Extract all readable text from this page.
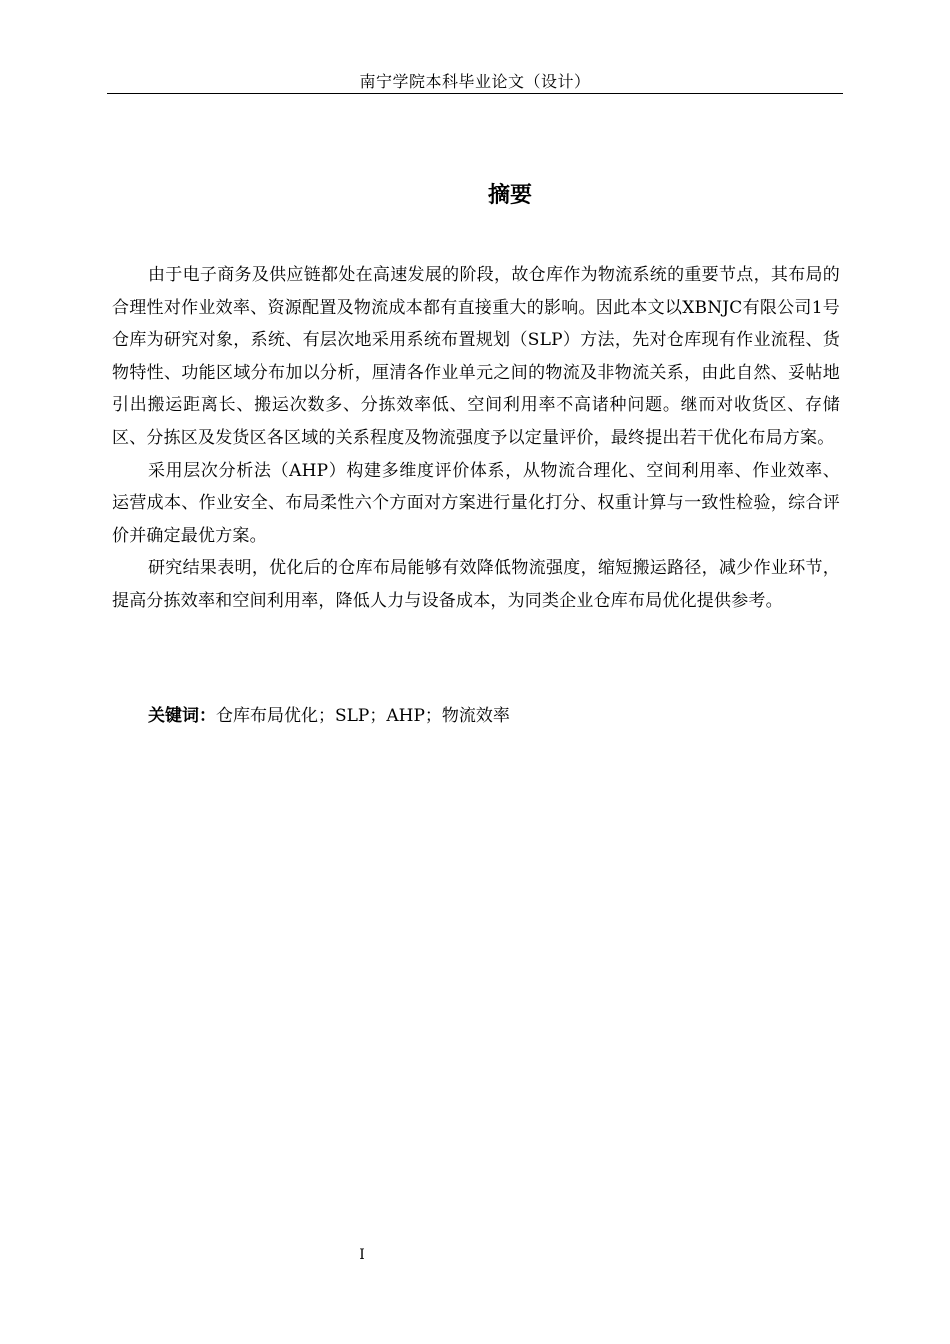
南宁学院本科毕业论文（设计）
摘要

由于电子商务及供应链都处在高速发展的阶段，故仓库作为物流系统的重要节点，其布局的合理性对作业效率、资源配置及物流成本都有直接重大的影响。因此本文以XBNJC有限公司1号仓库为研究对象，系统、有层次地采用系统布置规划（SLP）方法，先对仓库现有作业流程、货物特性、功能区域分布加以分析，厘清各作业单元之间的物流及非物流关系，由此自然、妥帖地引出搬运距离长、搬运次数多、分拣效率低、空间利用率不高诸种问题。继而对收货区、存储区、分拣区及发货区各区域的关系程度及物流强度予以定量评价，最终提出若干优化布局方案。

采用层次分析法（AHP）构建多维度评价体系，从物流合理化、空间利用率、作业效率、运营成本、作业安全、布局柔性六个方面对方案进行量化打分、权重计算与一致性检验，综合评价并确定最优方案。

研究结果表明，优化后的仓库布局能够有效降低物流强度，缩短搬运路径，减少作业环节，提高分拣效率和空间利用率，降低人力与设备成本，为同类企业仓库布局优化提供参考。

关键词：仓库布局优化；SLP；AHP；物流效率
I
